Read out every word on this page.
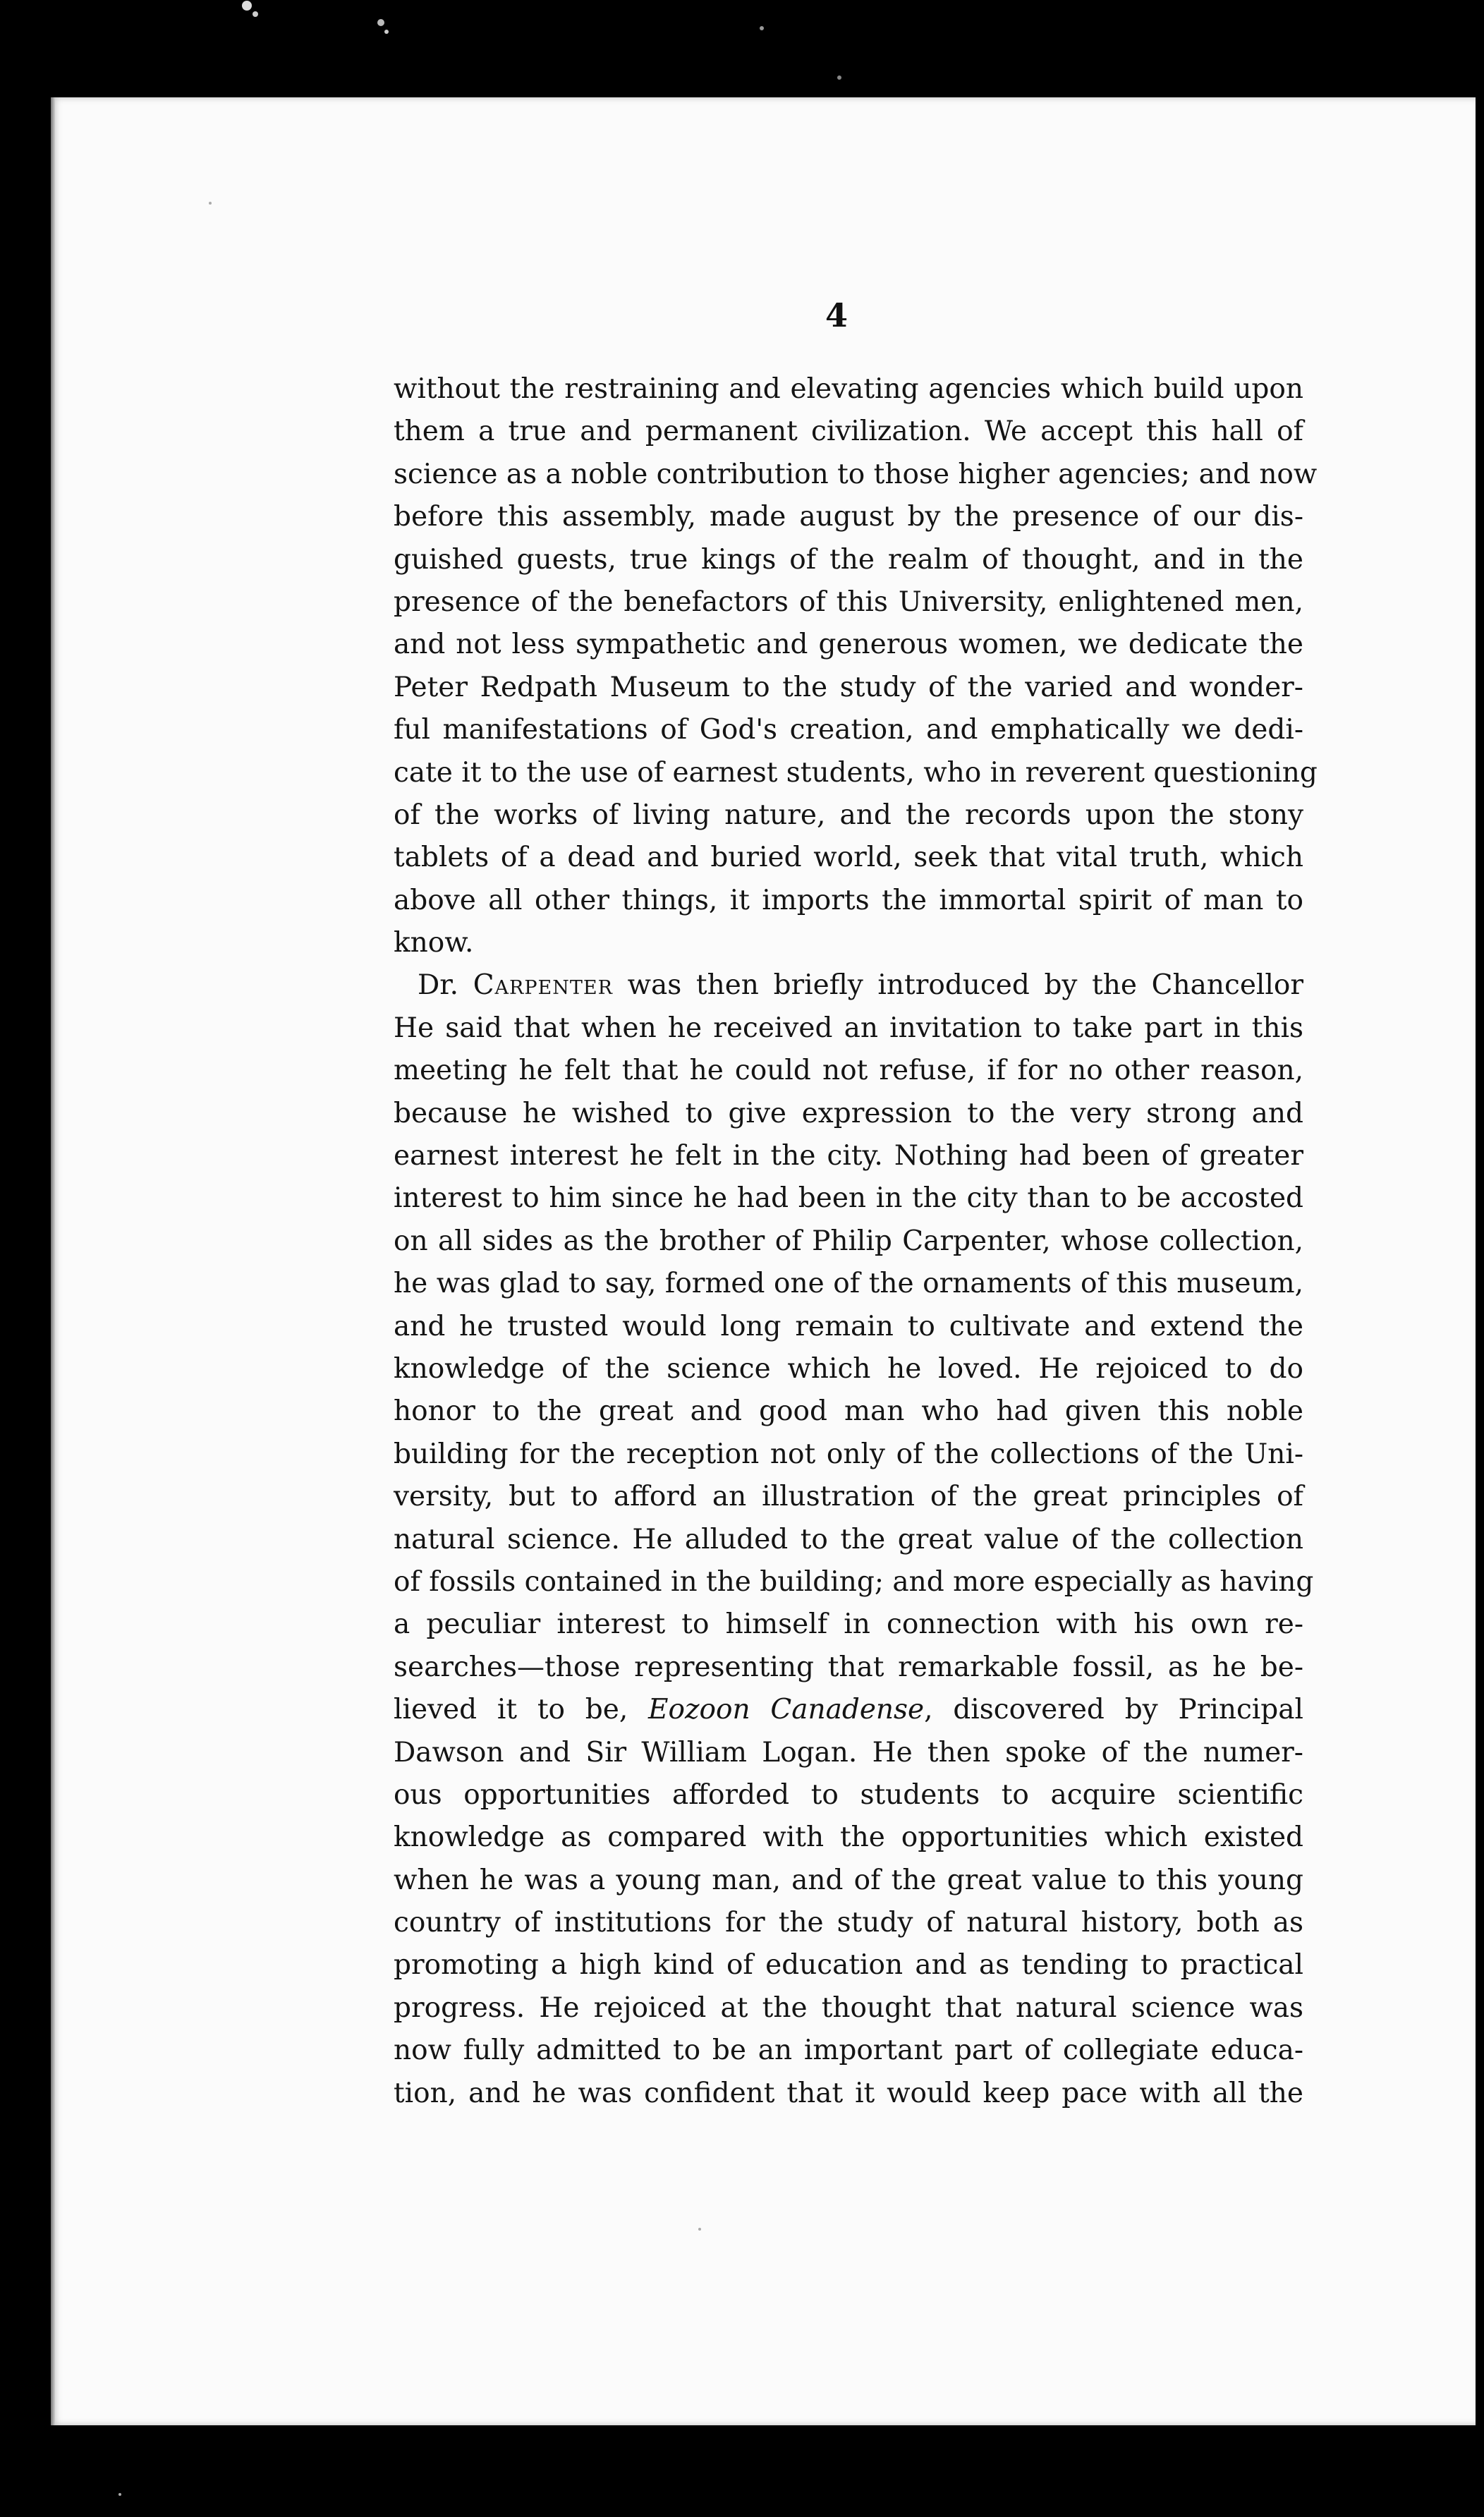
4
without the restraining and elevating agencies which build upon
them a true and permanent civilization. We accept this hall of
science as a noble contribution to those higher agencies; and now
before this assembly, made august by the presence of our dis-
guished guests, true kings of the realm of thought, and in the
presence of the benefactors of this University, enlightened men,
and not less sympathetic and generous women, we dedicate the
Peter Redpath Museum to the study of the varied and wonder-
ful manifestations of God's creation, and emphatically we dedi-
cate it to the use of earnest students, who in reverent questioning
of the works of living nature, and the records upon the stony
tablets of a dead and buried world, seek that vital truth, which
above all other things, it imports the immortal spirit of man to
know.
Dr. Carpenter was then briefly introduced by the Chancellor
He said that when he received an invitation to take part in this
meeting he felt that he could not refuse, if for no other reason,
because he wished to give expression to the very strong and
earnest interest he felt in the city. Nothing had been of greater
interest to him since he had been in the city than to be accosted
on all sides as the brother of Philip Carpenter, whose collection,
he was glad to say, formed one of the ornaments of this museum,
and he trusted would long remain to cultivate and extend the
knowledge of the science which he loved. He rejoiced to do
honor to the great and good man who had given this noble
building for the reception not only of the collections of the Uni-
versity, but to afford an illustration of the great principles of
natural science. He alluded to the great value of the collection
of fossils contained in the building; and more especially as having
a peculiar interest to himself in connection with his own re-
searches—those representing that remarkable fossil, as he be-
lieved it to be, Eozoon Canadense, discovered by Principal
Dawson and Sir William Logan. He then spoke of the numer-
ous opportunities afforded to students to acquire scientific
knowledge as compared with the opportunities which existed
when he was a young man, and of the great value to this young
country of institutions for the study of natural history, both as
promoting a high kind of education and as tending to practical
progress. He rejoiced at the thought that natural science was
now fully admitted to be an important part of collegiate educa-
tion, and he was confident that it would keep pace with all the
